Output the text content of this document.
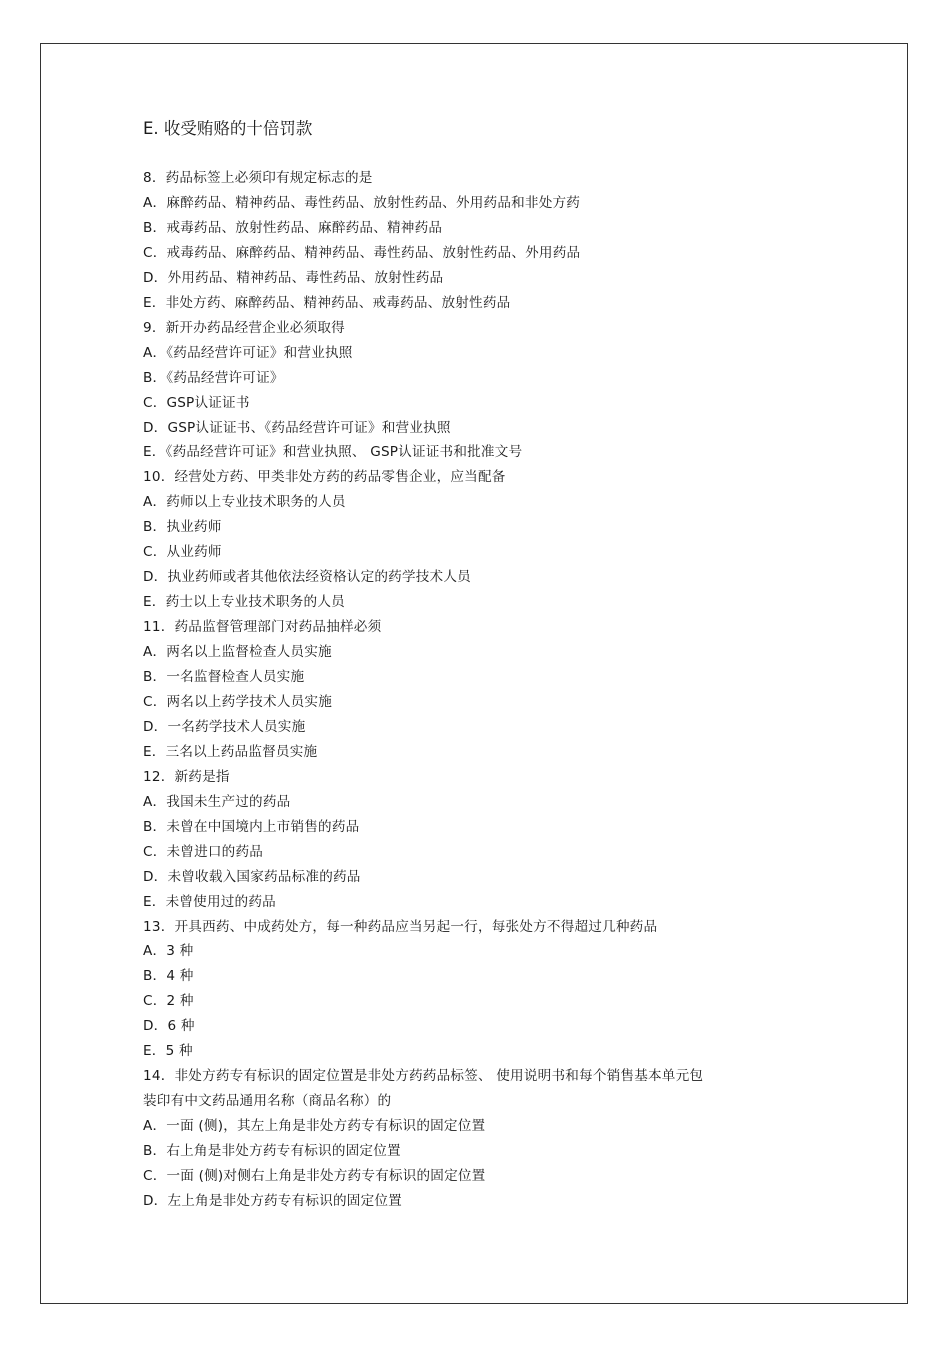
E. 收受贿赂的十倍罚款
8．药品标签上必须印有规定标志的是
A．麻醉药品、精神药品、毒性药品、放射性药品、外用药品和非处方药
B．戒毒药品、放射性药品、麻醉药品、精神药品
C．戒毒药品、麻醉药品、精神药品、毒性药品、放射性药品、外用药品
D．外用药品、精神药品、毒性药品、放射性药品
E．非处方药、麻醉药品、精神药品、戒毒药品、放射性药品
9．新开办药品经营企业必须取得
A．《药品经营许可证》和营业执照
B．《药品经营许可证》
C．GSP认证证书
D．GSP认证证书、《药品经营许可证》和营业执照
E．《药品经营许可证》和营业执照、 GSP认证证书和批准文号
10．经营处方药、甲类非处方药的药品零售企业，应当配备
A．药师以上专业技术职务的人员
B．执业药师
C．从业药师
D．执业药师或者其他依法经资格认定的药学技术人员
E．药士以上专业技术职务的人员
11．药品监督管理部门对药品抽样必须
A．两名以上监督检查人员实施
B．一名监督检查人员实施
C．两名以上药学技术人员实施
D．一名药学技术人员实施
E．三名以上药品监督员实施
12．新药是指
A．我国未生产过的药品
B．未曾在中国境内上市销售的药品
C．未曾进口的药品
D．未曾收载入国家药品标准的药品
E．未曾使用过的药品
13．开具西药、中成药处方，每一种药品应当另起一行，每张处方不得超过几种药品
A．3 种
B．4 种
C．2 种
D．6 种
E．5 种
14．非处方药专有标识的固定位置是非处方药药品标签、 使用说明书和每个销售基本单元包
装印有中文药品通用名称（商品名称）的
A．一面 (侧)，其左上角是非处方药专有标识的固定位置
B．右上角是非处方药专有标识的固定位置
C．一面 (侧)对侧右上角是非处方药专有标识的固定位置
D．左上角是非处方药专有标识的固定位置
